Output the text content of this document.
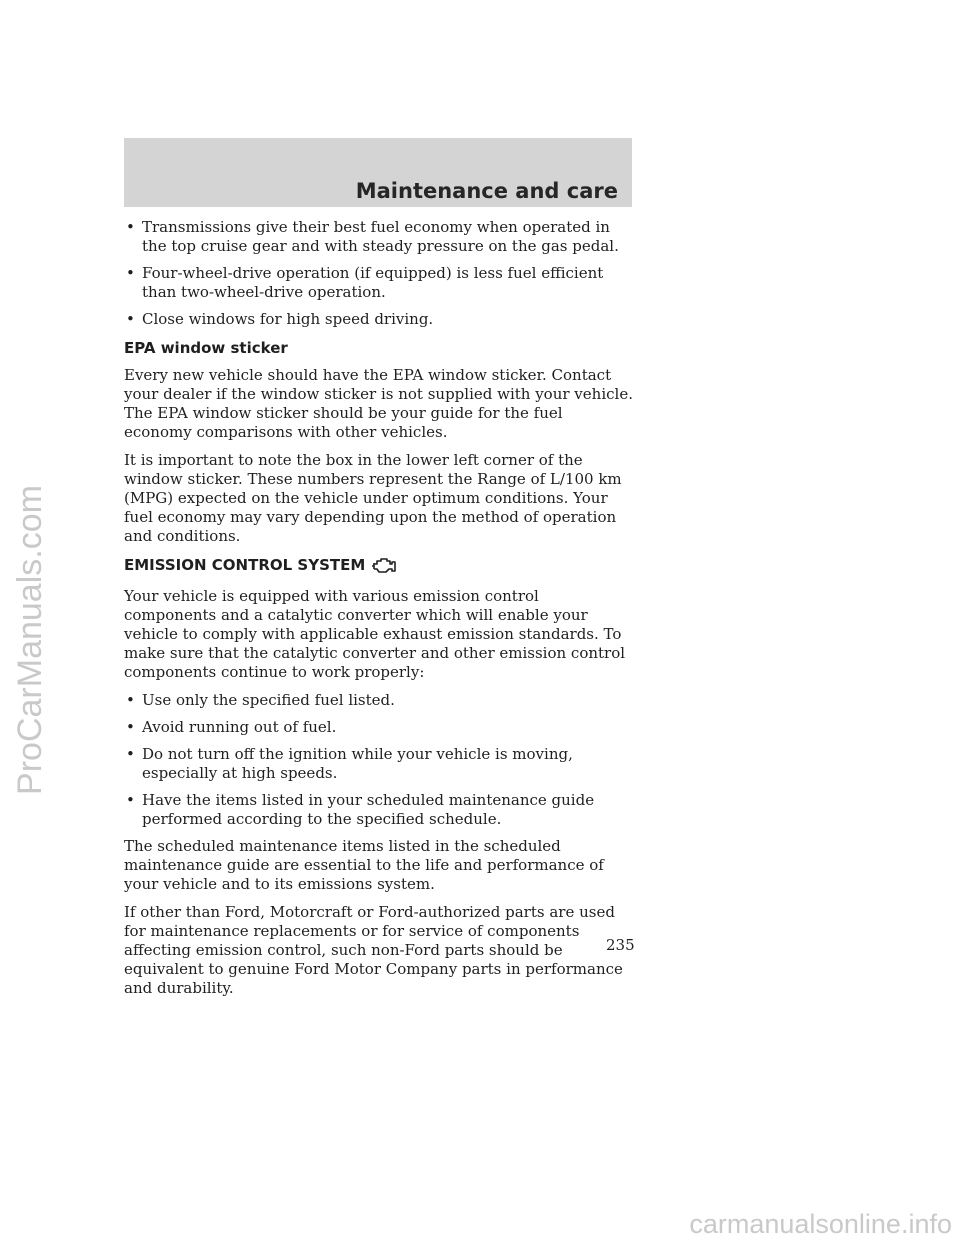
ProCarManuals.com
carmanualsonline.info
Maintenance and care
• Transmissions give their best fuel economy when operated in the top cruise gear and with steady pressure on the gas pedal.
• Four-wheel-drive operation (if equipped) is less fuel efficient than two-wheel-drive operation.
• Close windows for high speed driving.
EPA window sticker

Every new vehicle should have the EPA window sticker. Contact your dealer if the window sticker is not supplied with your vehicle. The EPA window sticker should be your guide for the fuel economy comparisons with other vehicles.

It is important to note the box in the lower left corner of the window sticker. These numbers represent the Range of L/100 km (MPG) expected on the vehicle under optimum conditions. Your fuel economy may vary depending upon the method of operation and conditions.

EMISSION CONTROL SYSTEM

Your vehicle is equipped with various emission control components and a catalytic converter which will enable your vehicle to comply with applicable exhaust emission standards. To make sure that the catalytic converter and other emission control components continue to work properly:

• Use only the specified fuel listed.
• Avoid running out of fuel.
• Do not turn off the ignition while your vehicle is moving, especially at high speeds.
• Have the items listed in your scheduled maintenance guide performed according to the specified schedule.

The scheduled maintenance items listed in the scheduled maintenance guide are essential to the life and performance of your vehicle and to its emissions system.

If other than Ford, Motorcraft or Ford-authorized parts are used for maintenance replacements or for service of components affecting emission control, such non-Ford parts should be equivalent to genuine Ford Motor Company parts in performance and durability.

235
